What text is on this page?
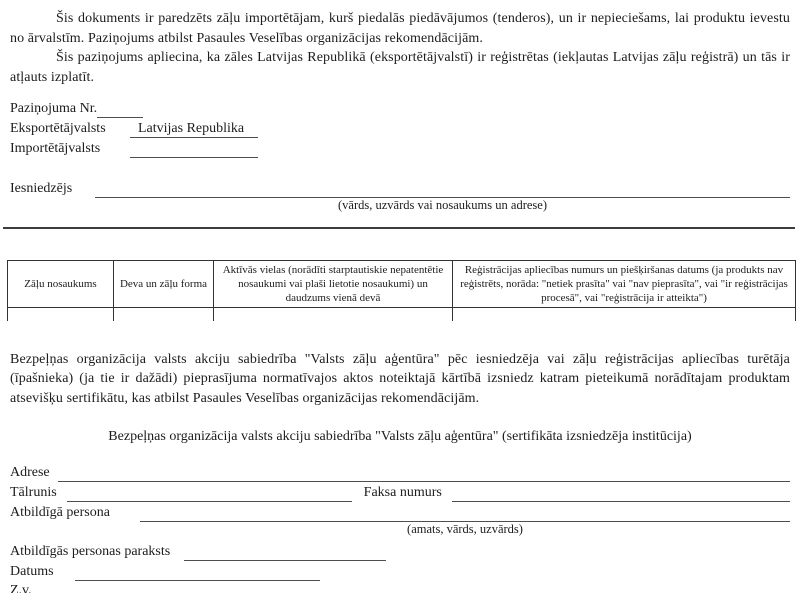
Šis dokuments ir paredzēts zāļu importētājam, kurš piedalās piedāvājumos (tenderos), un ir nepieciešams, lai produktu ievestu no ārvalstīm. Paziņojums atbilst Pasaules Veselības organizācijas rekomendācijām.

Šis paziņojums apliecina, ka zāles Latvijas Republikā (eksportētājvalstī) ir reģistrētas (iekļautas Latvijas zāļu reģistrā) un tās ir atļauts izplatīt.

Paziņojuma Nr.
Eksportētājvalsts	Latvijas Republika
Importētājvalsts
Iesniedzējs
(vārds, uzvārds vai nosaukums un adrese)
Zāļu nosaukums	Deva un zāļu forma	Aktīvās vielas (norādīti starptautiskie nepatentētie nosaukumi vai plaši lietotie nosaukumi) un daudzums vienā devā	Reģistrācijas apliecības numurs un piešķiršanas datums (ja produkts nav reģistrēts, norāda: "netiek prasīta" vai "nav pieprasīta", vai "ir reģistrācijas procesā", vai "reģistrācija ir atteikta")

Bezpeļņas organizācija valsts akciju sabiedrība "Valsts zāļu aģentūra" pēc iesniedzēja vai zāļu reģistrācijas apliecības turētāja (īpašnieka) (ja tie ir dažādi) pieprasījuma normatīvajos aktos noteiktajā kārtībā izsniedz katram pieteikumā norādītajam produktam atsevišķu sertifikātu, kas atbilst Pasaules Veselības organizācijas rekomendācijām.

Bezpeļņas organizācija valsts akciju sabiedrība "Valsts zāļu aģentūra" (sertifikāta izsniedzēja institūcija)
Adrese
Tālrunis	Faksa numurs
Atbildīgā persona
(amats, vārds, uzvārds)
Atbildīgās personas paraksts
Datums
Z.v.
